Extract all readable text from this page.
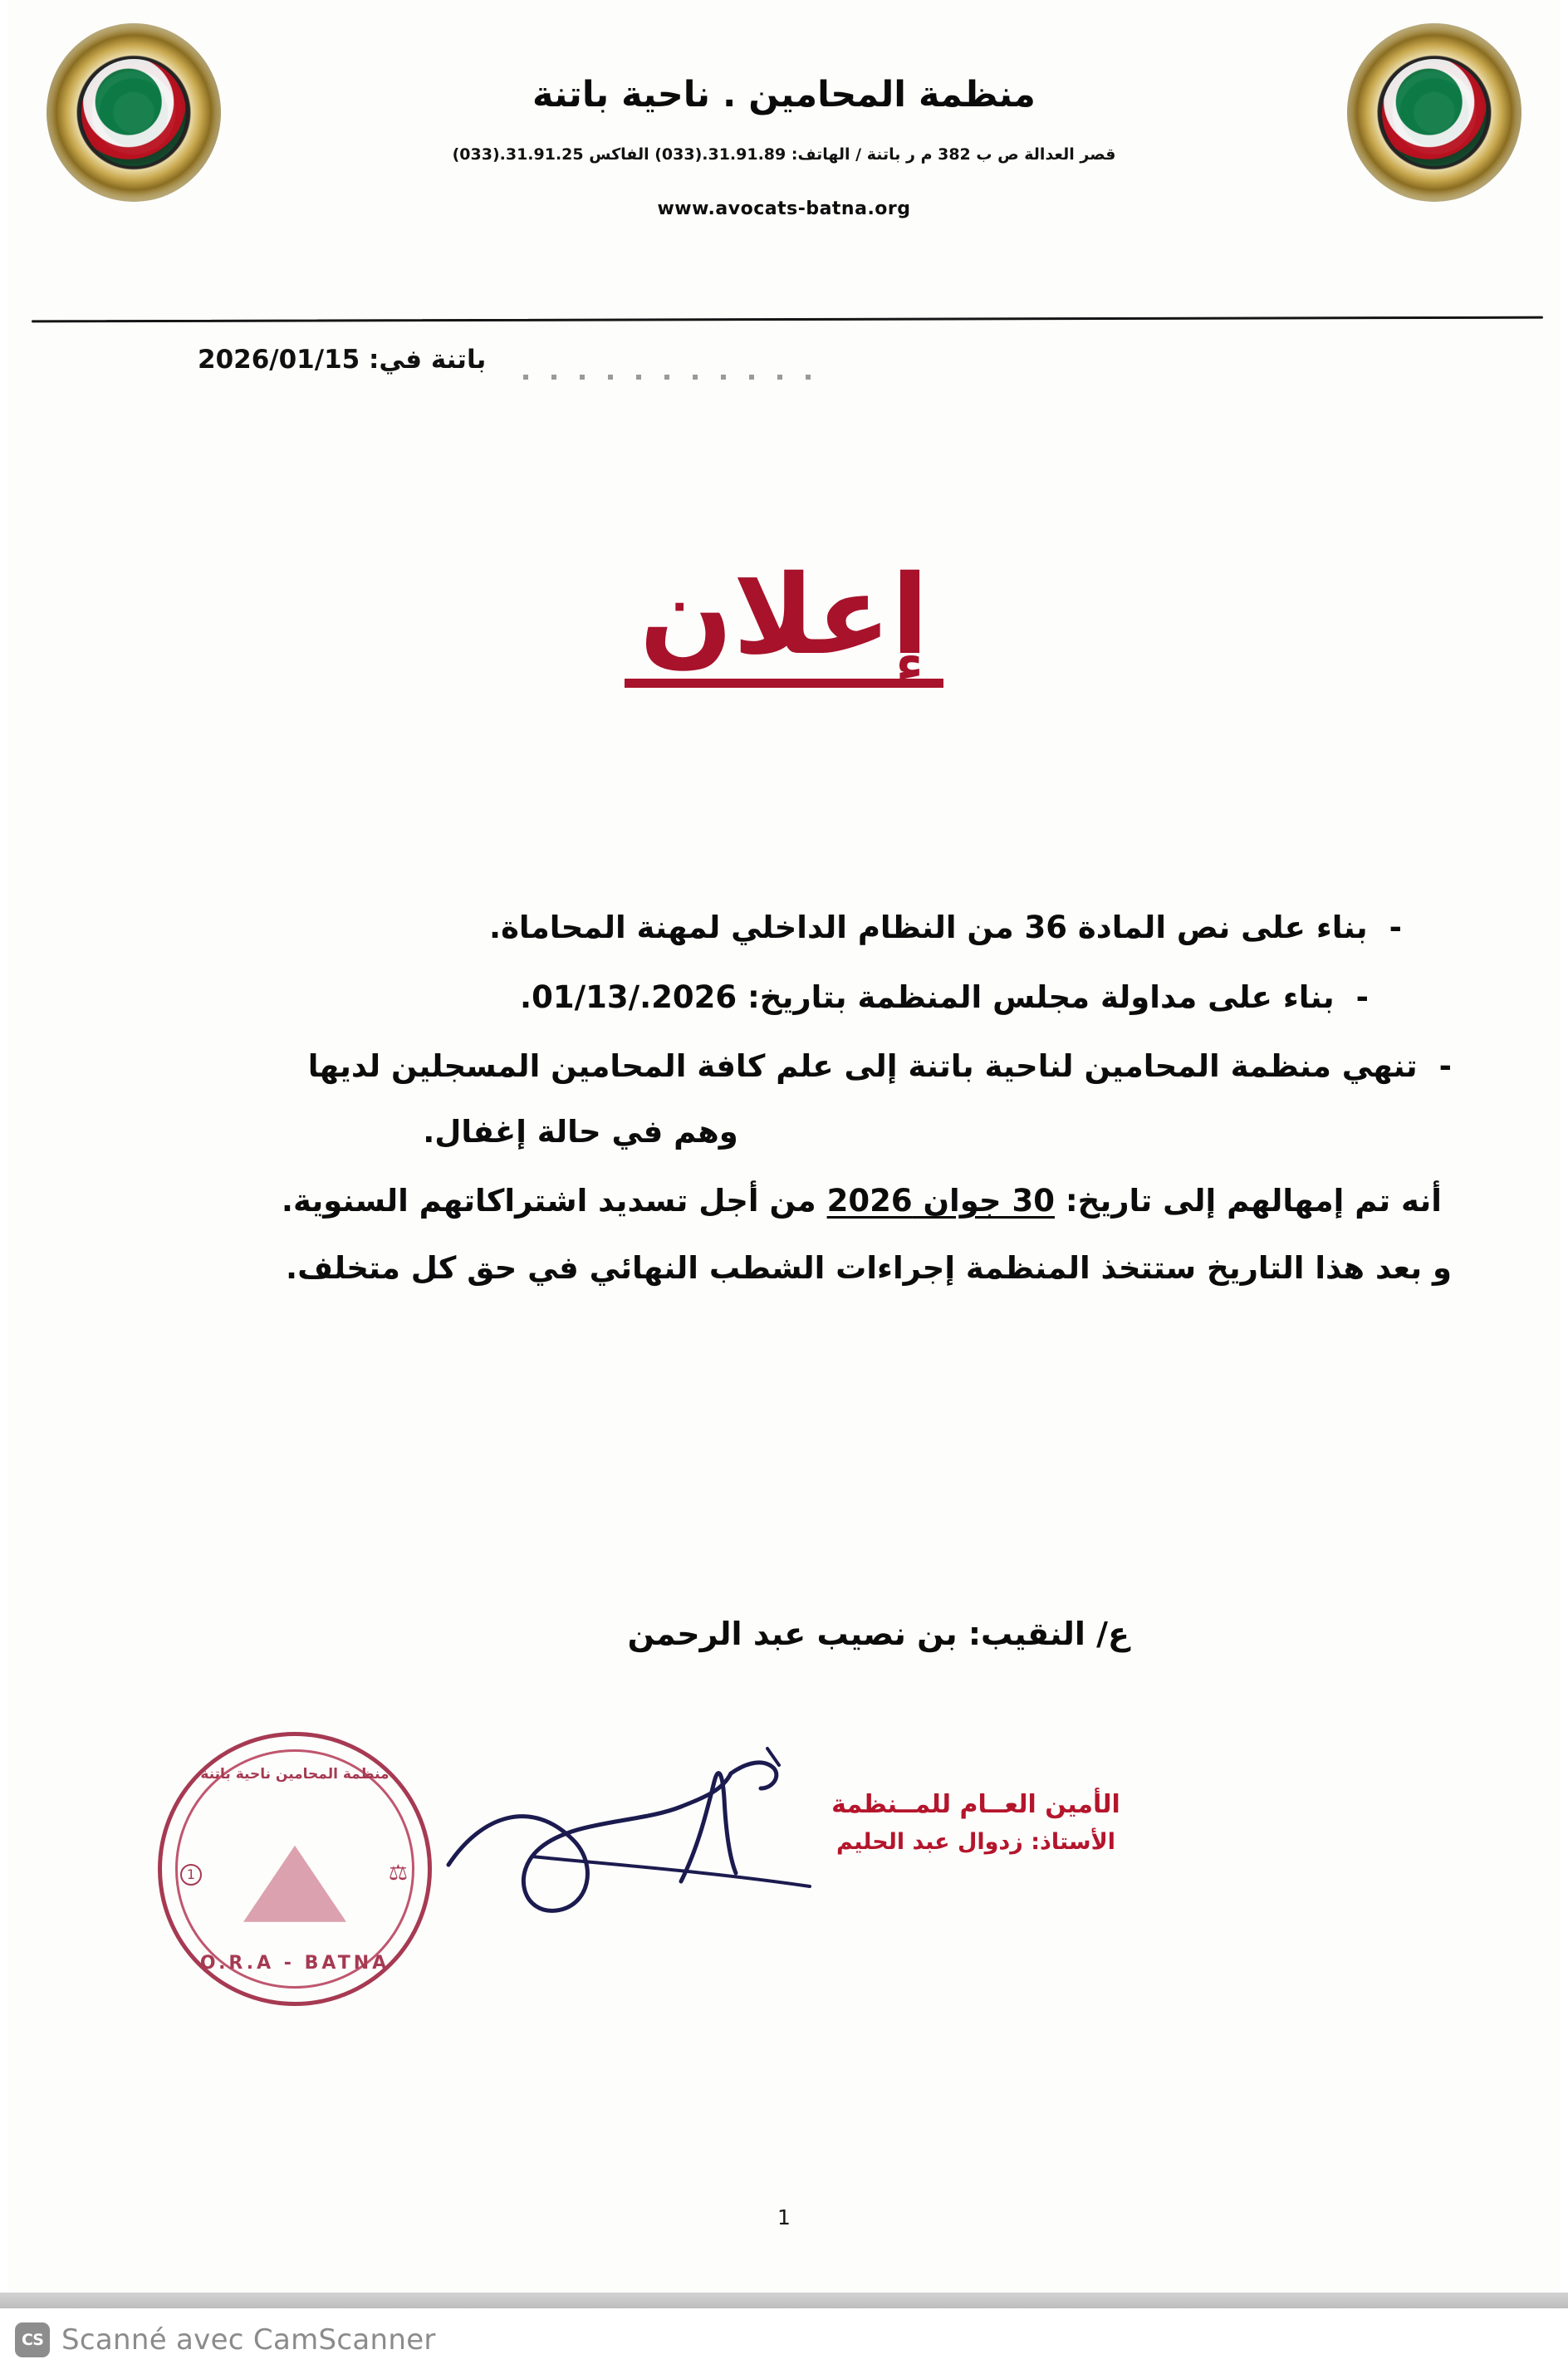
منظمة المحامين . ناحية باتنة
قصر العدالة ص ب 382 م ر باتنة / الهاتف: 31.91.89.(033) الفاكس 31.91.25.(033)
www.avocats-batna.org
باتنة في: 2026/01/15
إعلان
-
بناء على نص المادة 36 من النظام الداخلي لمهنة المحاماة.
-
بناء على مداولة مجلس المنظمة بتاريخ: 2026./01/13.
-
تنهي منظمة المحامين لناحية باتنة إلى علم كافة المحامين المسجلين لديها
وهم في حالة إغفال.
أنه تم إمهالهم إلى تاريخ: 30 جوان 2026 من أجل تسديد اشتراكاتهم السنوية.
و بعد هذا التاريخ ستتخذ المنظمة إجراءات الشطب النهائي في حق كل متخلف.
ع/ النقيب: بن نصيب عبد الرحمن
منظمة المحامين ناحية باتنة
1	⚖
O.R.A - BATNA
الأمين العــام للمــنظمة
الأستاذ: زدوال عبد الحليم
1
CS Scanné avec CamScanner
